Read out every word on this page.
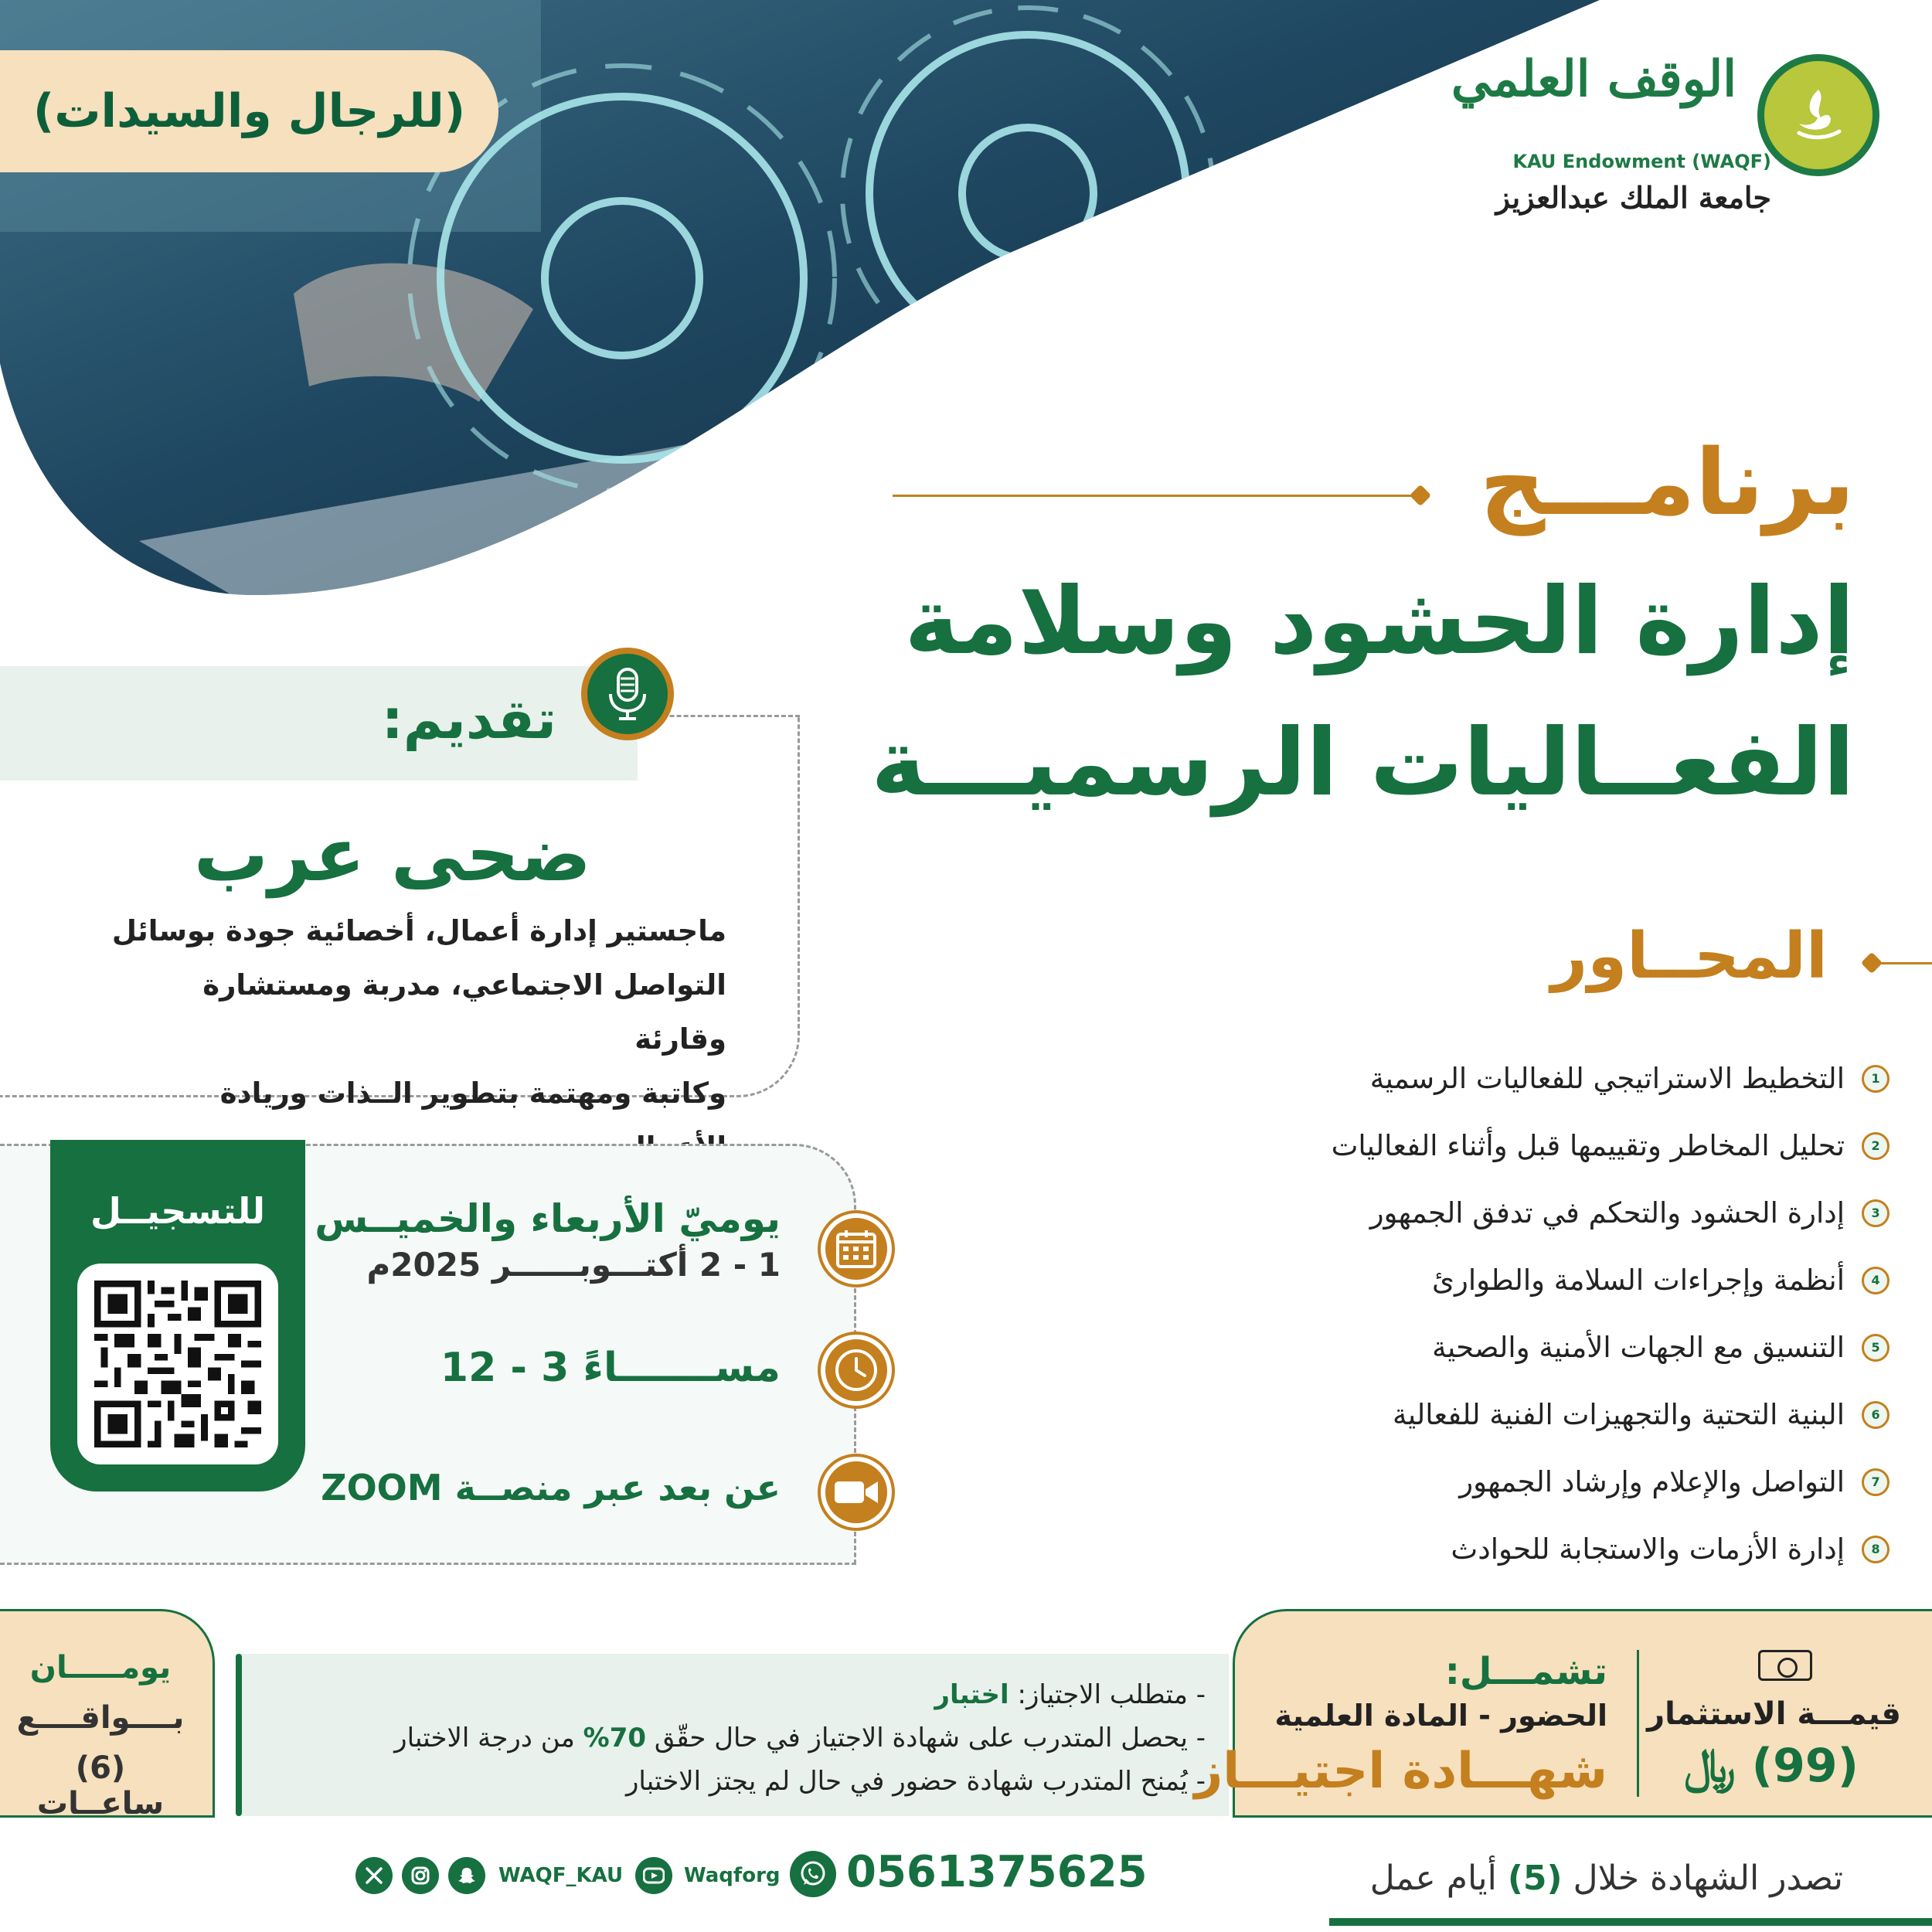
(للرجال والسيدات)
الوقف العلمي
KAU Endowment (WAQF)
جامعة الملك عبدالعزيز
برنامـــج
إدارة الحشود وسلامة
الفعــاليات الرسميـــة
المحــاور
1
التخطيط الاستراتيجي للفعاليات الرسمية
2
تحليل المخاطر وتقييمها قبل وأثناء الفعاليات
3
إدارة الحشود والتحكم في تدفق الجمهور
4
أنظمة وإجراءات السلامة والطوارئ
5
التنسيق مع الجهات الأمنية والصحية
6
البنية التحتية والتجهيزات الفنية للفعالية
7
التواصل والإعلام وإرشاد الجمهور
8
إدارة الأزمات والاستجابة للحوادث
تقديم:
ضحى عرب
ماجستير إدارة أعمال، أخصائية جودة بوسائل
التواصل الاجتماعي، مدربة ومستشارة وقارئة
وكاتبة ومهتمة بتطوير الــذات وريادة
للتسجيــل	يوميّ الأربعاء والخميــس
1 - 2 أكتـــوبــــــر 2025م
12 - 3 مســـــــاءً
عن بعد عبر منصــة ZOOM
يومـــــان
بــــواقــــع
(6) ساعــات
- متطلب الاجتياز: اختبار
- يحصل المتدرب على شهادة الاجتياز في حال حقّق 70% من درجة الاختبار
- يُمنح المتدرب شهادة حضور في حال لم يجتز الاختبار
قيمـــة الاستثمار
(99) ﷼
تشمـــل:
الحضور - المادة العلمية
شهـــادة اجتيـــاز
تصدر الشهادة خلال (5) أيام عمل
0561375625
Waqforg
WAQF_KAU
